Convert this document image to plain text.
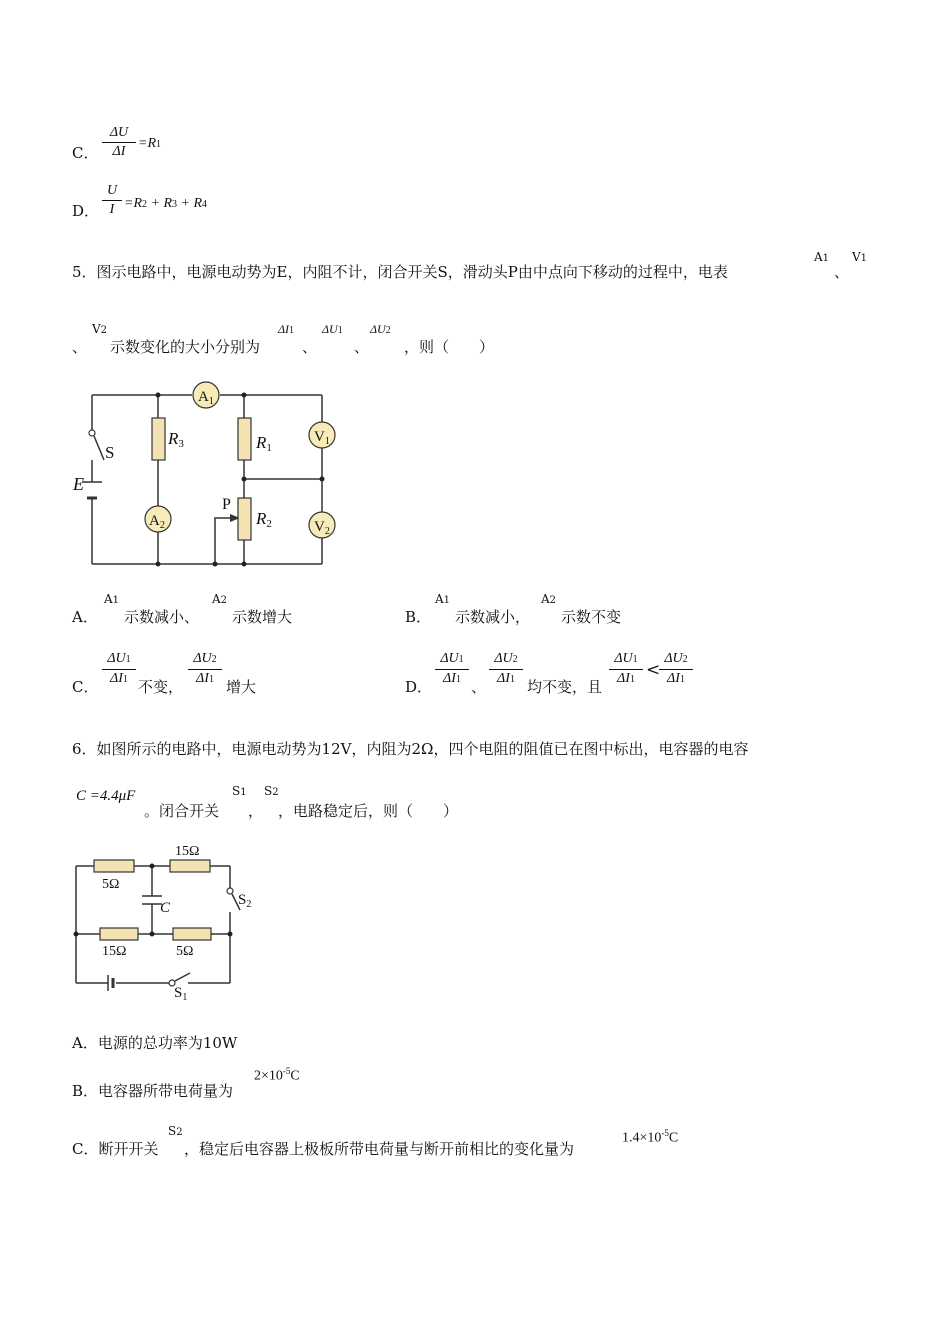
C． $\frac{\Delta U}{\Delta I} =R1$
D． $\frac{U}{I} =R2 + R3 + R4$
5．图示电路中，电源电动势为E，内阻不计，闭合开关S，滑动头P由中点向下移动的过程中，电表
A1
、
V1
、
V2
示数变化的大小分别为
ΔI1
、
ΔU1
、
ΔU2
，则（　　）
$A_1$
$A_2$
$V_1$
$V_2$
R3	R1
R2
S
E
P
A．
A1
示数减小、
A2
示数增大	B．
A1
示数减小，
A2
示数不变
C． $\frac{\Delta U1}{\Delta I1}$ 不变， $\frac{\Delta U2}{\Delta I1}$ 增大	D． $\frac{\Delta U1}{\Delta I1}$ 、 $\frac{\Delta U2}{\Delta I1}$ 均不变，且 $\frac{\Delta U1}{\Delta I1}$ <
$\frac{\Delta U2}{\Delta I1}$
6．如图所示的电路中，电源电动势为12V，内阻为2Ω，四个电阻的阻值已在图中标出，电容器的电容
C =4.4μF
。闭合开关
S1
，
S2
，电路稳定后，则（　　）
5Ω
15Ω
15Ω	5Ω
C	$S_2$
$S_1$
A．电源的总功率为10W
B．电容器所带电荷量为
$2\times 10^{-5}C$
C．断开开关
S2
，稳定后电容器上极板所带电荷量与断开前相比的变化量为
$1.4\times 10^{-5}C$
